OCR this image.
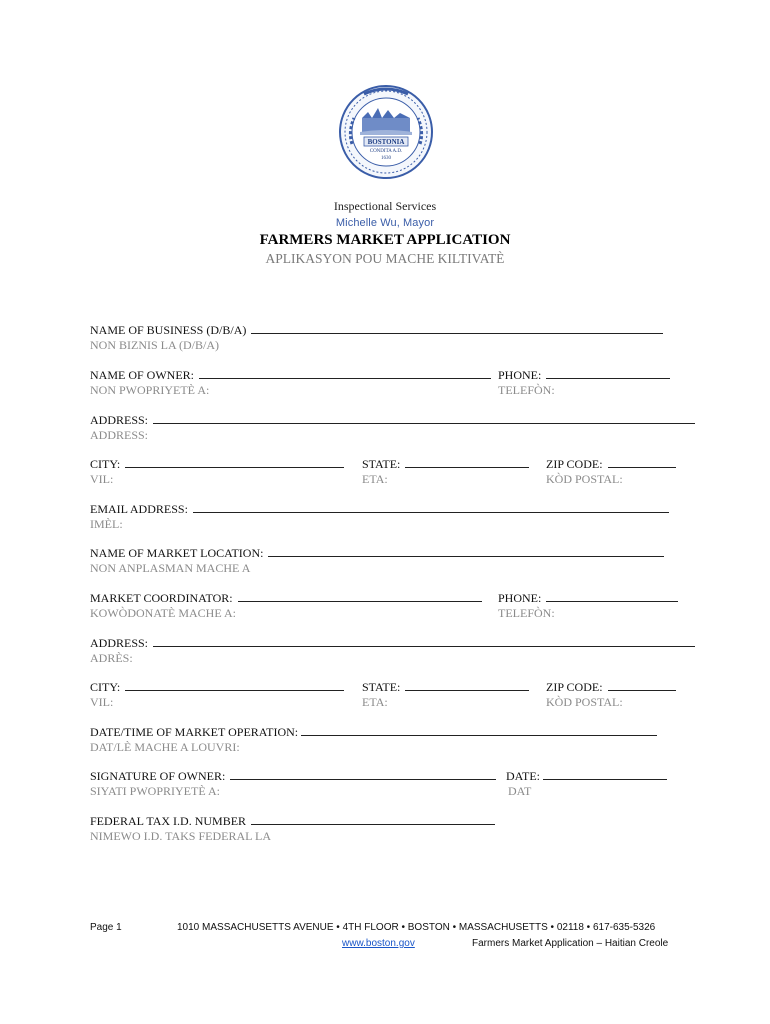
BOSTONIA
CONDITA A.D.
1630
Inspectional Services
Michelle Wu, Mayor
FARMERS MARKET APPLICATION
APLIKASYON POU MACHE KILTIVATÈ
NAME OF BUSINESS (D/B/A)
NON BIZNIS LA (D/B/A)
NAME OF OWNER:	PHONE:
NON PWOPRIYETÈ A:	TELEFÒN:
ADDRESS:
ADDRESS:
CITY:	STATE:	ZIP CODE:
VIL:	ETA:	KÒD POSTAL:
EMAIL ADDRESS:
IMÈL:
NAME OF MARKET LOCATION:
NON ANPLASMAN MACHE A
MARKET COORDINATOR:	PHONE:
KOWÒDONATÈ MACHE A:	TELEFÒN:
ADDRESS:
ADRÈS:
CITY:	STATE:	ZIP CODE:
VIL:	ETA:	KÒD POSTAL:
DATE/TIME OF MARKET OPERATION:
DAT/LÈ MACHE A LOUVRI:
SIGNATURE OF OWNER:	DATE:
SIYATI PWOPRIYETÈ A:	DAT
FEDERAL TAX I.D. NUMBER
NIMEWO I.D. TAKS FEDERAL LA
Page 1	1010 MASSACHUSETTS AVENUE • 4TH FLOOR • BOSTON • MASSACHUSETTS • 02118 • 617-635-5326
www.boston.gov	Farmers Market Application – Haitian Creole
